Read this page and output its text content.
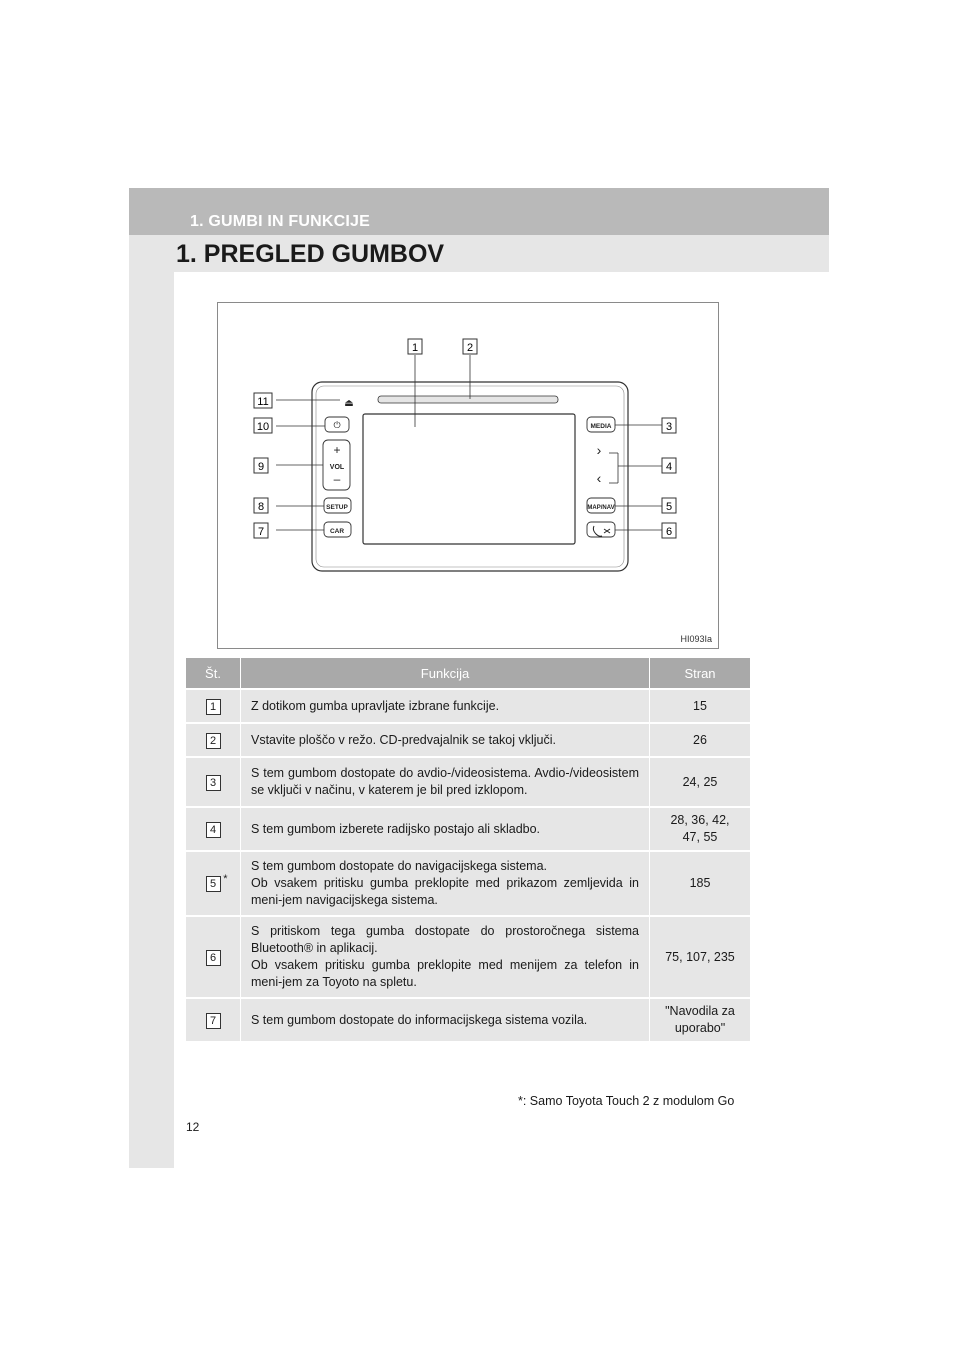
1. GUMBI IN FUNKCIJE
1. PREGLED GUMBOV
⏏
⏻
+
VOL
–
SETUP
CAR
MEDIA
›
‹
MAP/NAV
1	2
3
4
5
6
7
8
9
10
11
HI093Ia
Št.	Funkcija	Stran
1	Z dotikom gumba upravljate izbrane funkcije.	15
2	Vstavite ploščo v režo. CD-predvajalnik se takoj vključi.	26
3	S tem gumbom dostopate do avdio-/videosistema. Avdio-/videosistem se vključi v načinu, v katerem je bil pred izklopom.	24, 25
4	S tem gumbom izberete radijsko postajo ali skladbo.	28, 36, 42,
47, 55
5 *	S tem gumbom dostopate do navigacijskega sistema.
Ob vsakem pritisku gumba preklopite med prikazom zemljevida in meni-jem navigacijskega sistema.	185
6	S pritiskom tega gumba dostopate do prostoročnega sistema Bluetooth® in aplikacij.
Ob vsakem pritisku gumba preklopite med menijem za telefon in meni-jem za Toyoto na spletu.	75, 107, 235
7	S tem gumbom dostopate do informacijskega sistema vozila.	"Navodila za
uporabo"
*: Samo Toyota Touch 2 z modulom Go
12
